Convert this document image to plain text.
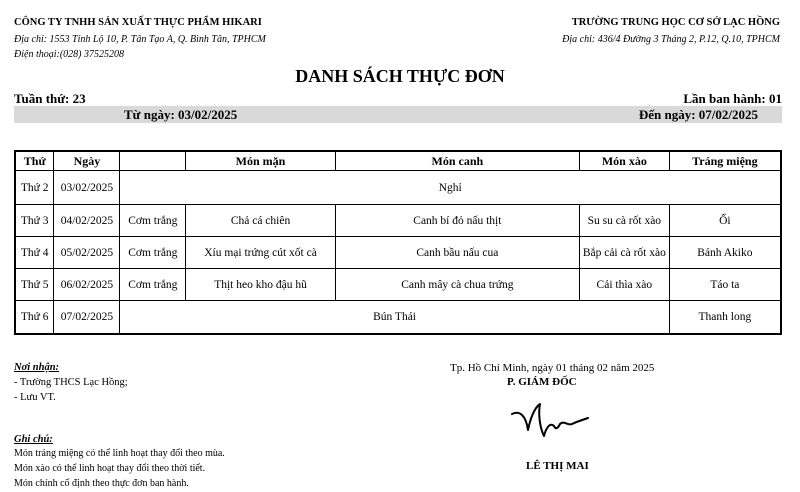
CÔNG TY TNHH SẢN XUẤT THỰC PHẨM HIKARI
Địa chỉ: 1553 Tỉnh Lộ 10, P. Tân Tạo A, Q. Bình Tân, TPHCM
Điện thoại:(028) 37525208
TRƯỜNG TRUNG HỌC CƠ SỞ LẠC HỒNG
Địa chỉ: 436/4 Đường 3 Tháng 2, P.12, Q.10, TPHCM
DANH SÁCH THỰC ĐƠN
Tuần thứ: 23	Lần ban hành: 01
Từ ngày: 03/02/2025	Đến ngày: 07/02/2025
Thứ	Ngày		Món mặn	Món canh	Món xào	Tráng miệng
Thứ 2	03/02/2025	Nghỉ				
Thứ 3	04/02/2025	Cơm trắng	Chả cá chiên	Canh bí đỏ nấu thịt	Su su cà rốt xào	Ổi
Thứ 4	05/02/2025	Cơm trắng	Xíu mại trứng cút xốt cà	Canh bầu nấu cua	Bắp cải cà rốt xào	Bánh Akiko
Thứ 5	06/02/2025	Cơm trắng	Thịt heo kho đậu hũ	Canh mây cà chua trứng	Cải thìa xào	Táo ta
Thứ 6	07/02/2025	Bún Thái				Thanh long
Nơi nhận:
- Trường THCS Lạc Hồng;
- Lưu VT.
Tp. Hồ Chí Minh, ngày 01 tháng 02 năm 2025
P. GIÁM ĐỐC
LÊ THỊ MAI
Ghi chú:
Món tráng miệng có thể linh hoạt thay đổi theo mùa.
Món xào có thể linh hoạt thay đổi theo thời tiết.
Món chính cố định theo thực đơn ban hành.
